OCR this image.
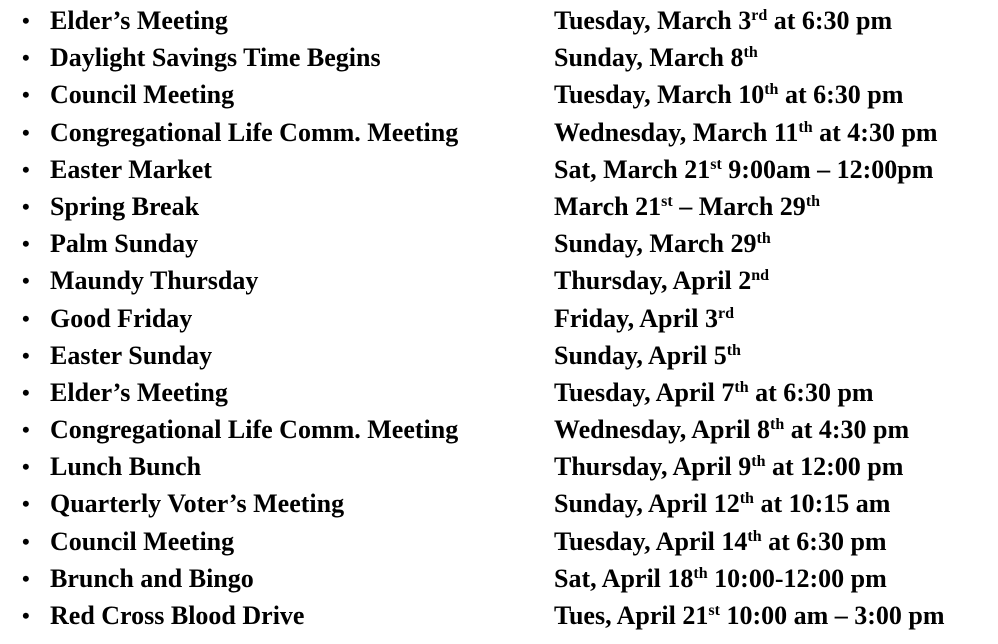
• Elder’s Meeting	Tuesday, March 3rd at 6:30 pm
• Daylight Savings Time Begins	Sunday, March 8th
• Council Meeting	Tuesday, March 10th at 6:30 pm
• Congregational Life Comm. Meeting	Wednesday, March 11th at 4:30 pm
• Easter Market	Sat, March 21st 9:00am – 12:00pm
• Spring Break	March 21st – March 29th
• Palm Sunday	Sunday, March 29th
• Maundy Thursday	Thursday, April 2nd
• Good Friday	Friday, April 3rd
• Easter Sunday	Sunday, April 5th
• Elder’s Meeting	Tuesday, April 7th at 6:30 pm
• Congregational Life Comm. Meeting	Wednesday, April 8th at 4:30 pm
• Lunch Bunch	Thursday, April 9th at 12:00 pm
• Quarterly Voter’s Meeting	Sunday, April 12th at 10:15 am
• Council Meeting	Tuesday, April 14th at 6:30 pm
• Brunch and Bingo	Sat, April 18th 10:00-12:00 pm
• Red Cross Blood Drive	Tues, April 21st 10:00 am – 3:00 pm
